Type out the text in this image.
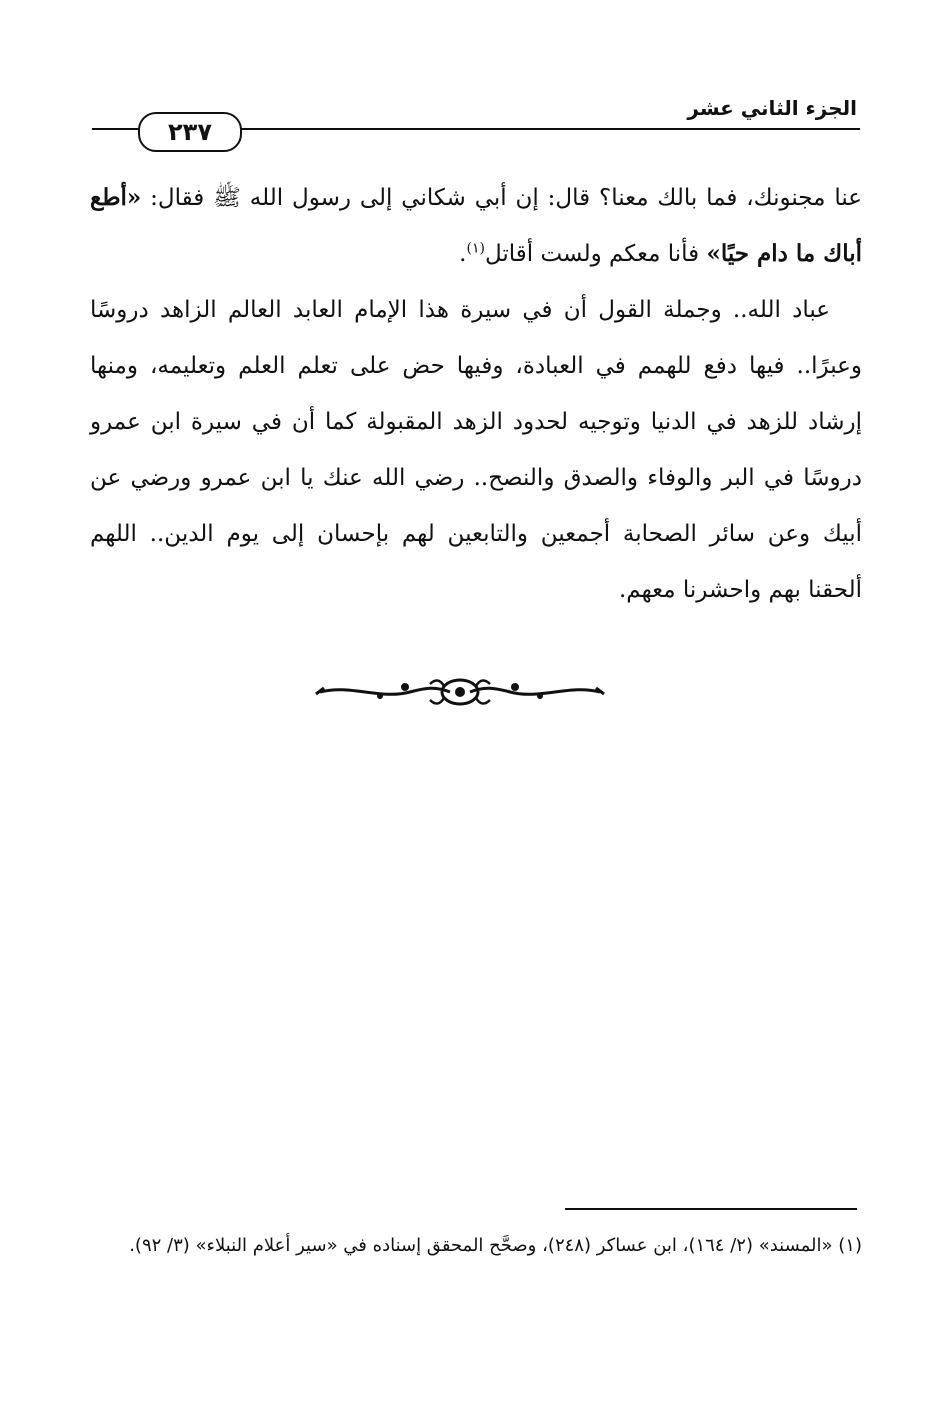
الجزء الثاني عشر
٢٣٧

عنا مجنونك، فما بالك معنا؟ قال: إن أبي شكاني إلى رسول الله ﷺ فقال: «أطع أباك ما دام حيًا» فأنا معكم ولست أقاتل$^{(١)}$.

عباد الله.. وجملة القول أن في سيرة هذا الإمام العابد العالم الزاهد دروسًا وعبرًا.. فيها دفع للهمم في العبادة، وفيها حض على تعلم العلم وتعليمه، ومنها إرشاد للزهد في الدنيا وتوجيه لحدود الزهد المقبولة كما أن في سيرة ابن عمرو دروسًا في البر والوفاء والصدق والنصح.. رضي الله عنك يا ابن عمرو ورضي عن أبيك وعن سائر الصحابة أجمعين والتابعين لهم بإحسان إلى يوم الدين.. اللهم ألحقنا بهم واحشرنا معهم.

(١) «المسند» (٢/ ١٦٤)، ابن عساكر (٢٤٨)، وصحَّح المحقق إسناده في «سير أعلام النبلاء» (٣/ ٩٢).
